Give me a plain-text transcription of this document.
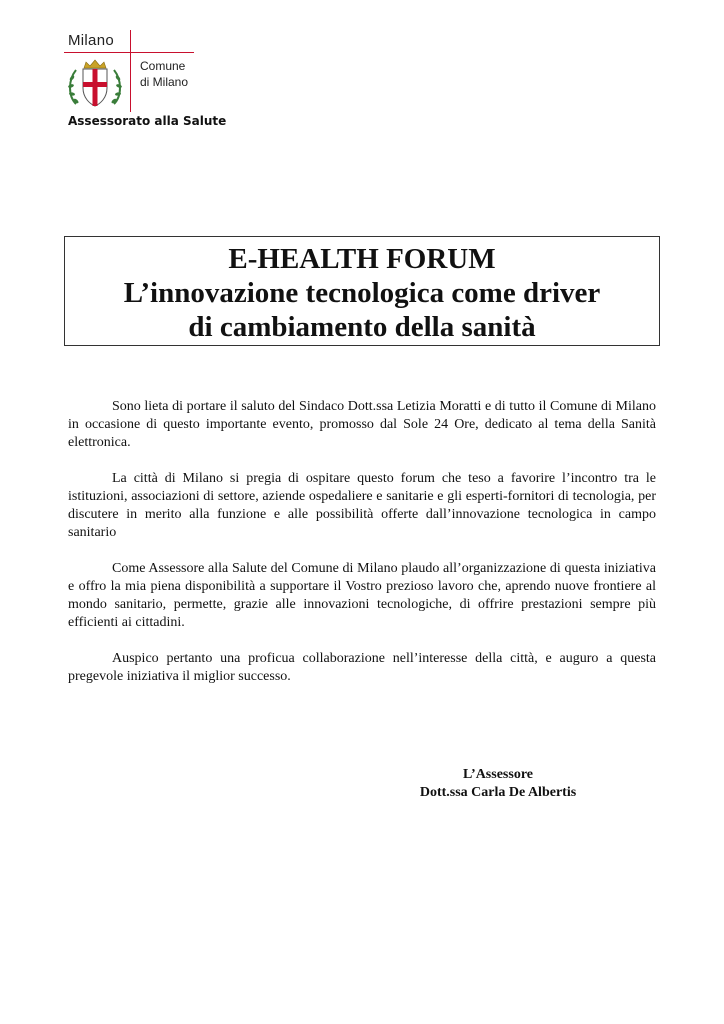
Milano
Comune
di Milano
Assessorato alla Salute
E-HEALTH FORUM
L’innovazione tecnologica come driver
di cambiamento della sanità

Sono lieta di portare il saluto del Sindaco Dott.ssa Letizia Moratti e di tutto il Comune di Milano in occasione di questo importante evento, promosso dal Sole 24 Ore, dedicato al tema della Sanità elettronica.

La città di Milano si pregia di ospitare questo forum che teso a favorire l’incontro tra le istituzioni, associazioni di settore, aziende ospedaliere e sanitarie e gli esperti-fornitori di tecnologia, per discutere in merito alla funzione e alle possibilità offerte dall’innovazione tecnologica in campo sanitario

Come Assessore alla Salute del Comune di Milano plaudo all’organizzazione di questa iniziativa e offro la mia piena disponibilità a supportare il Vostro prezioso lavoro che, aprendo nuove frontiere al mondo sanitario, permette, grazie alle innovazioni tecnologiche, di offrire prestazioni sempre più efficienti ai cittadini.

Auspico pertanto una proficua collaborazione nell’interesse della città, e auguro a questa pregevole iniziativa il miglior successo.

L’Assessore
Dott.ssa Carla De Albertis
